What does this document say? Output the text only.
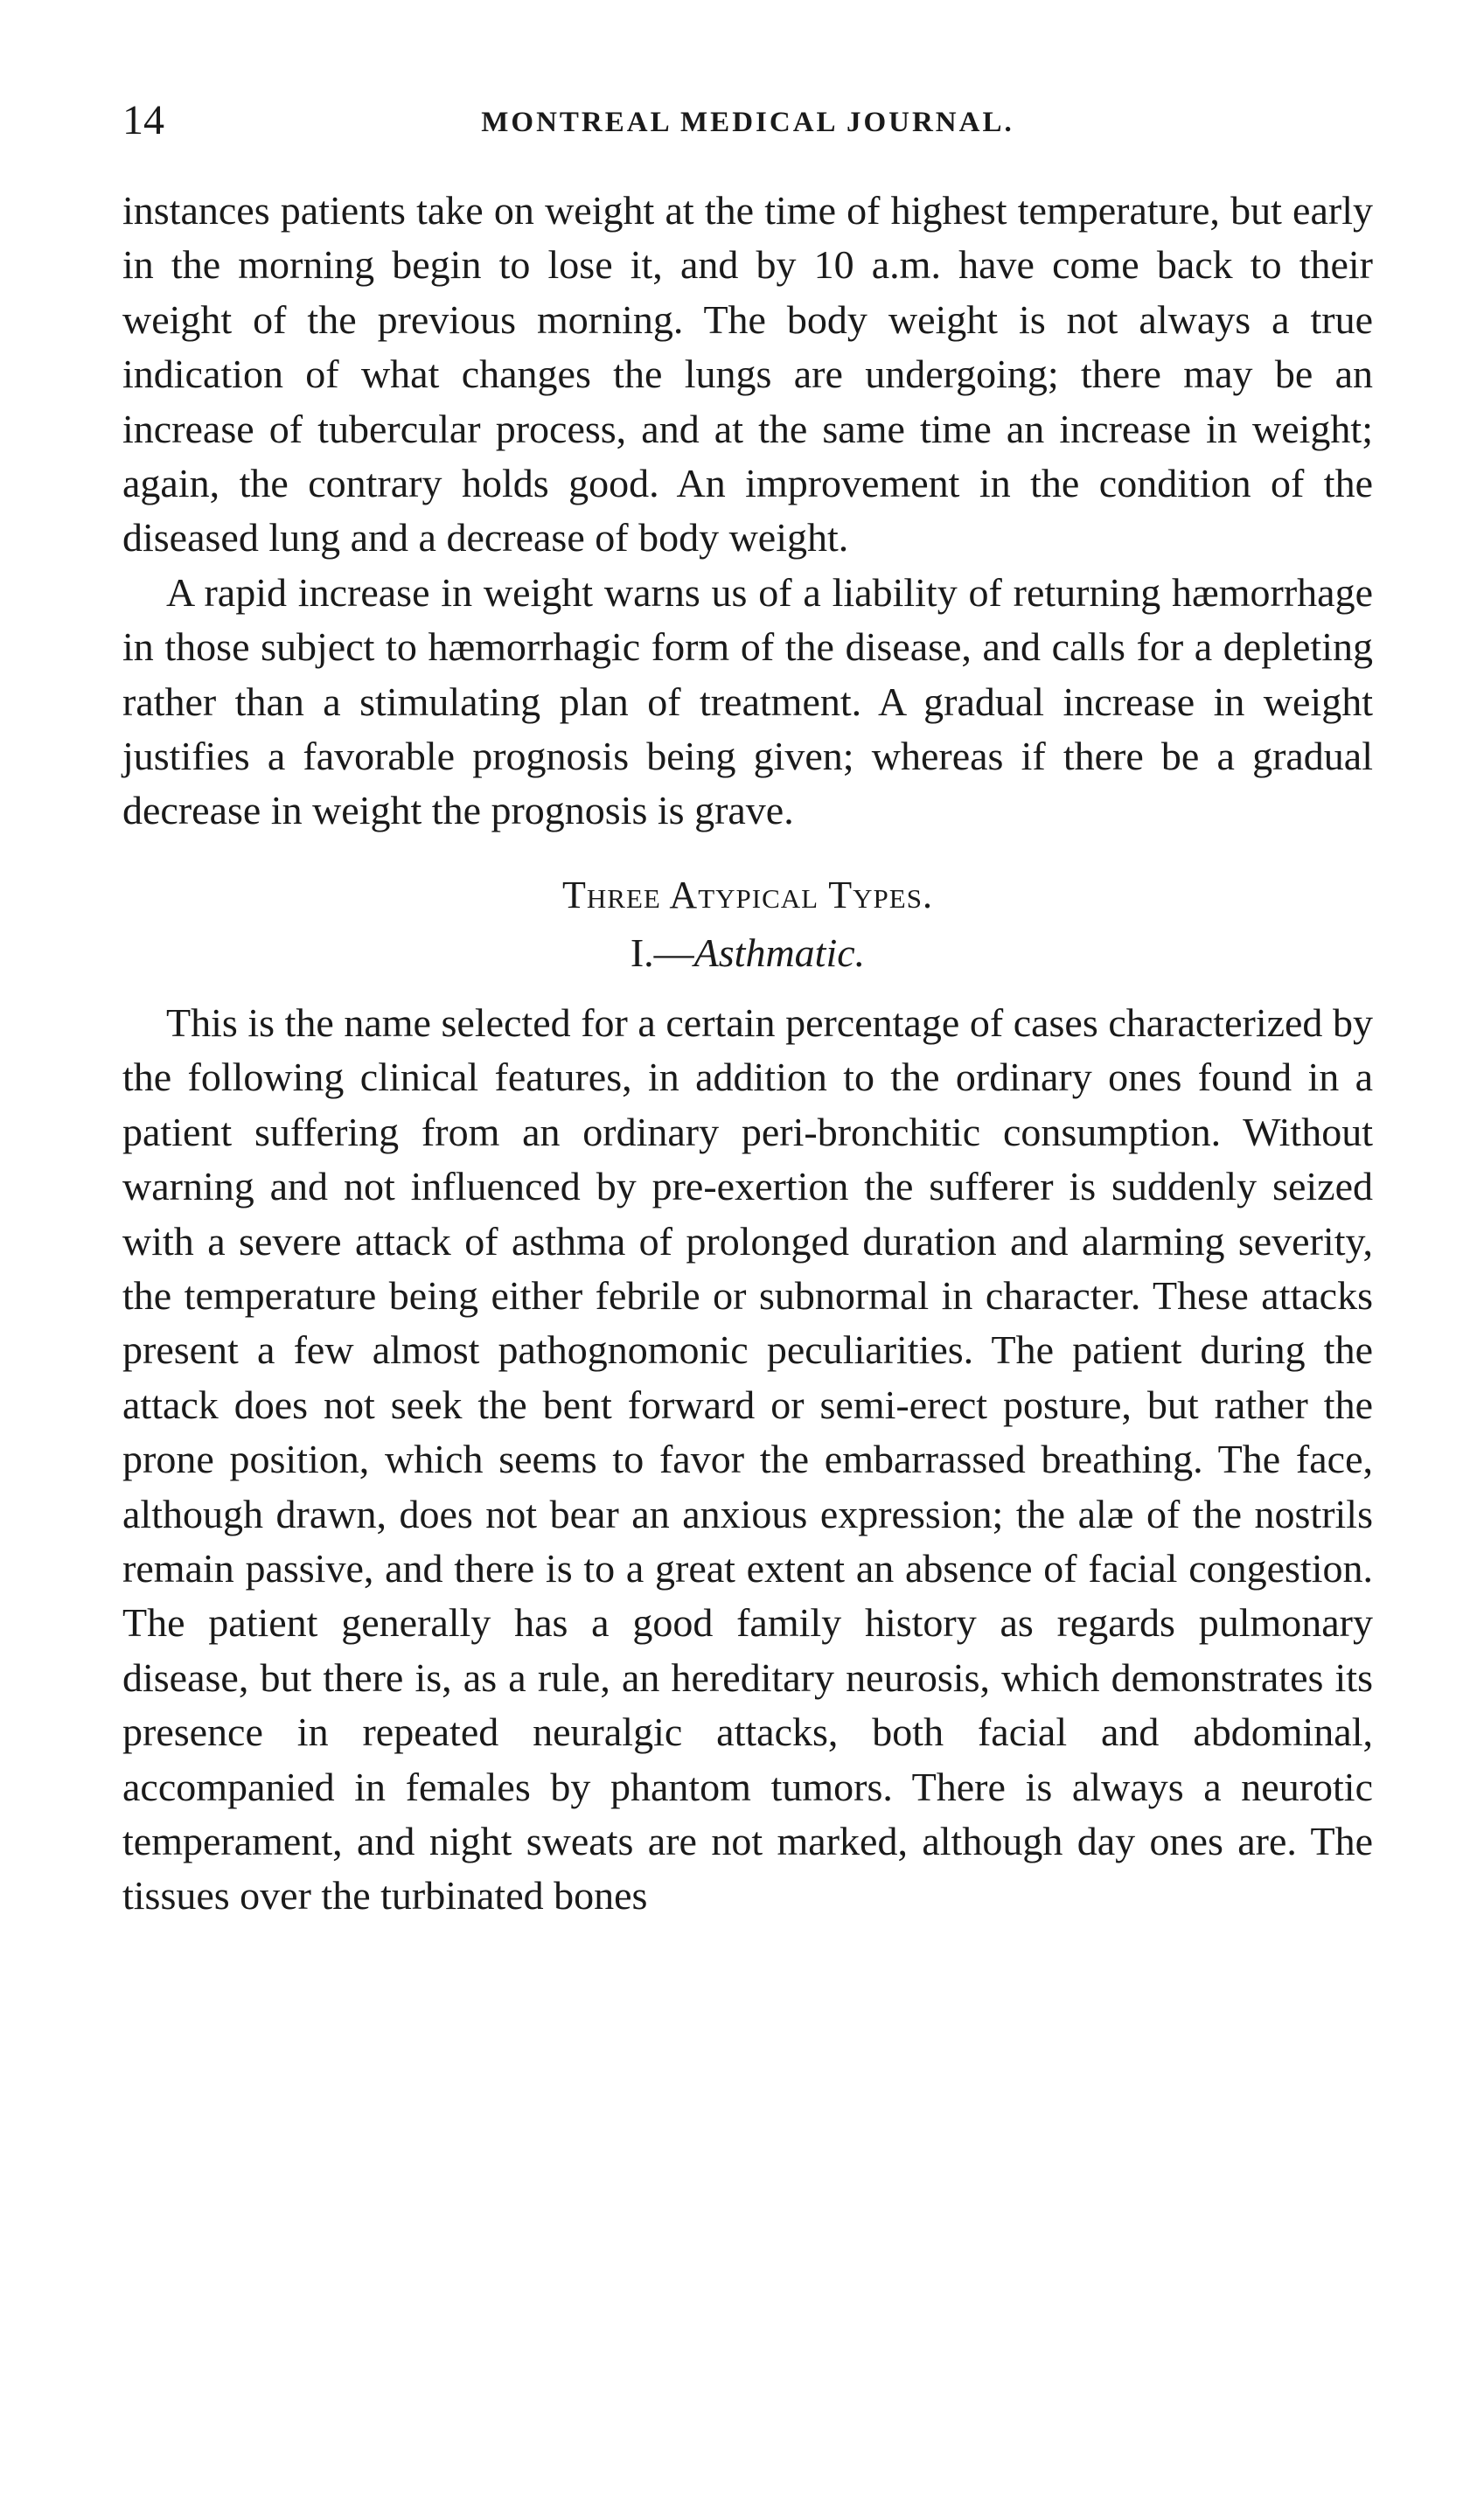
14	MONTREAL MEDICAL JOURNAL.

instances patients take on weight at the time of highest temperature, but early in the morning begin to lose it, and by 10 a.m. have come back to their weight of the previous morning. The body weight is not always a true indication of what changes the lungs are undergoing; there may be an increase of tubercular process, and at the same time an increase in weight; again, the contrary holds good. An improvement in the condition of the diseased lung and a decrease of body weight.

A rapid increase in weight warns us of a liability of returning hæmorrhage in those subject to hæmorrhagic form of the disease, and calls for a depleting rather than a stimulating plan of treatment. A gradual increase in weight justifies a favorable prognosis being given; whereas if there be a gradual decrease in weight the prognosis is grave.

Three Atypical Types.
I.—Asthmatic.

This is the name selected for a certain percentage of cases characterized by the following clinical features, in addition to the ordinary ones found in a patient suffering from an ordinary peri-bronchitic consumption. Without warning and not influenced by pre-exertion the sufferer is suddenly seized with a severe attack of asthma of prolonged duration and alarming severity, the temperature being either febrile or subnormal in character. These attacks present a few almost pathognomonic peculiarities. The patient during the attack does not seek the bent forward or semi-erect posture, but rather the prone position, which seems to favor the embarrassed breathing. The face, although drawn, does not bear an anxious expression; the alæ of the nostrils remain passive, and there is to a great extent an absence of facial congestion. The patient generally has a good family history as regards pulmonary disease, but there is, as a rule, an hereditary neurosis, which demonstrates its presence in repeated neuralgic attacks, both facial and abdominal, accompanied in females by phantom tumors. There is always a neurotic temperament, and night sweats are not marked, although day ones are. The tissues over the turbinated bones
